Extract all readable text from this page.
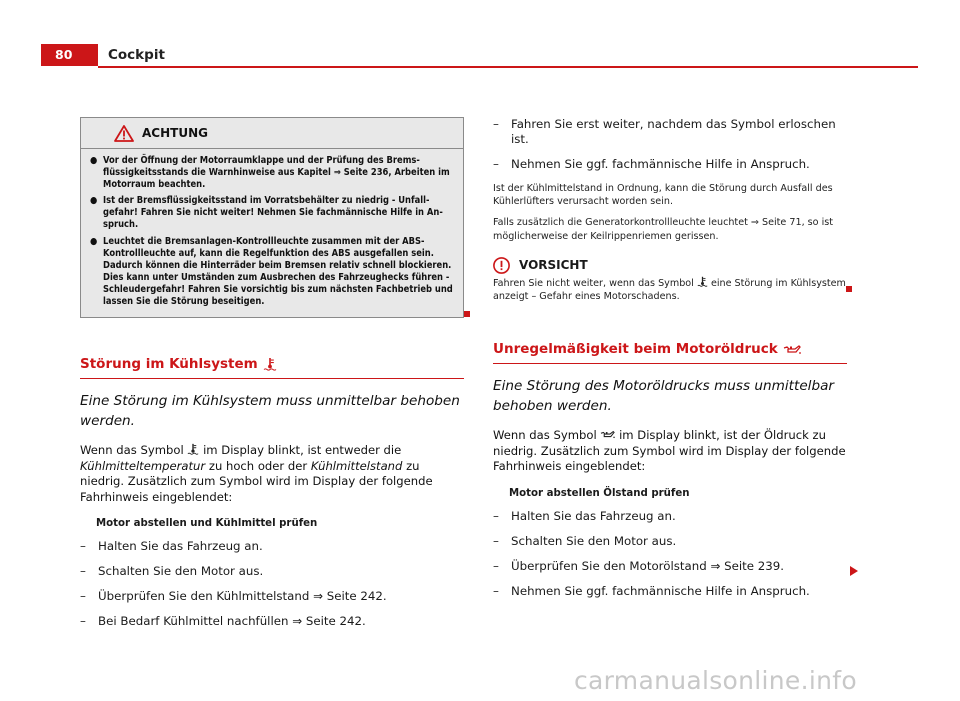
80	Cockpit
ACHTUNG
● Vor der Öffnung der Motorraumklappe und der Prüfung des Bremsflüssigkeitsstands die Warnhinweise aus Kapitel ⇒ Seite 236, Arbeiten im Motorraum beachten.
● Ist der Bremsflüssigkeitsstand im Vorratsbehälter zu niedrig - Unfallgefahr! Fahren Sie nicht weiter! Nehmen Sie fachmännische Hilfe in Anspruch.
● Leuchtet die Bremsanlagen-Kontrollleuchte zusammen mit der ABS-Kontrollleuchte auf, kann die Regelfunktion des ABS ausgefallen sein. Dadurch können die Hinterräder beim Bremsen relativ schnell blockieren. Dies kann unter Umständen zum Ausbrechen des Fahrzeughecks führen - Schleudergefahr! Fahren Sie vorsichtig bis zum nächsten Fachbetrieb und lassen Sie die Störung beseitigen.
Störung im Kühlsystem
Eine Störung im Kühlsystem muss unmittelbar behoben werden.

Wenn das Symbol im Display blinkt, ist entweder die Kühlmitteltemperatur zu hoch oder der Kühlmittelstand zu niedrig. Zusätzlich zum Symbol wird im Display der folgende Fahrhinweis eingeblendet:

Motor abstellen und Kühlmittel prüfen
–	Halten Sie das Fahrzeug an.
–	Schalten Sie den Motor aus.
–	Überprüfen Sie den Kühlmittelstand ⇒ Seite 242.
–	Bei Bedarf Kühlmittel nachfüllen ⇒ Seite 242.
–	Fahren Sie erst weiter, nachdem das Symbol erloschen ist.
–	Nehmen Sie ggf. fachmännische Hilfe in Anspruch.

Ist der Kühlmittelstand in Ordnung, kann die Störung durch Ausfall des Kühlerlüfters verursacht worden sein.

Falls zusätzlich die Generatorkontrollleuchte leuchtet ⇒ Seite 71, so ist möglicherweise der Keilrippenriemen gerissen.

VORSICHT

Fahren Sie nicht weiter, wenn das Symbol eine Störung im Kühlsystem anzeigt – Gefahr eines Motorschadens.

Unregelmäßigkeit beim Motoröldruck
Eine Störung des Motoröldrucks muss unmittelbar behoben werden.

Wenn das Symbol im Display blinkt, ist der Öldruck zu niedrig. Zusätzlich zum Symbol wird im Display der folgende Fahrhinweis eingeblendet:

Motor abstellen Ölstand prüfen
–	Halten Sie das Fahrzeug an.
–	Schalten Sie den Motor aus.
–	Überprüfen Sie den Motorölstand ⇒ Seite 239.
–	Nehmen Sie ggf. fachmännische Hilfe in Anspruch.
carmanualsonline.info
